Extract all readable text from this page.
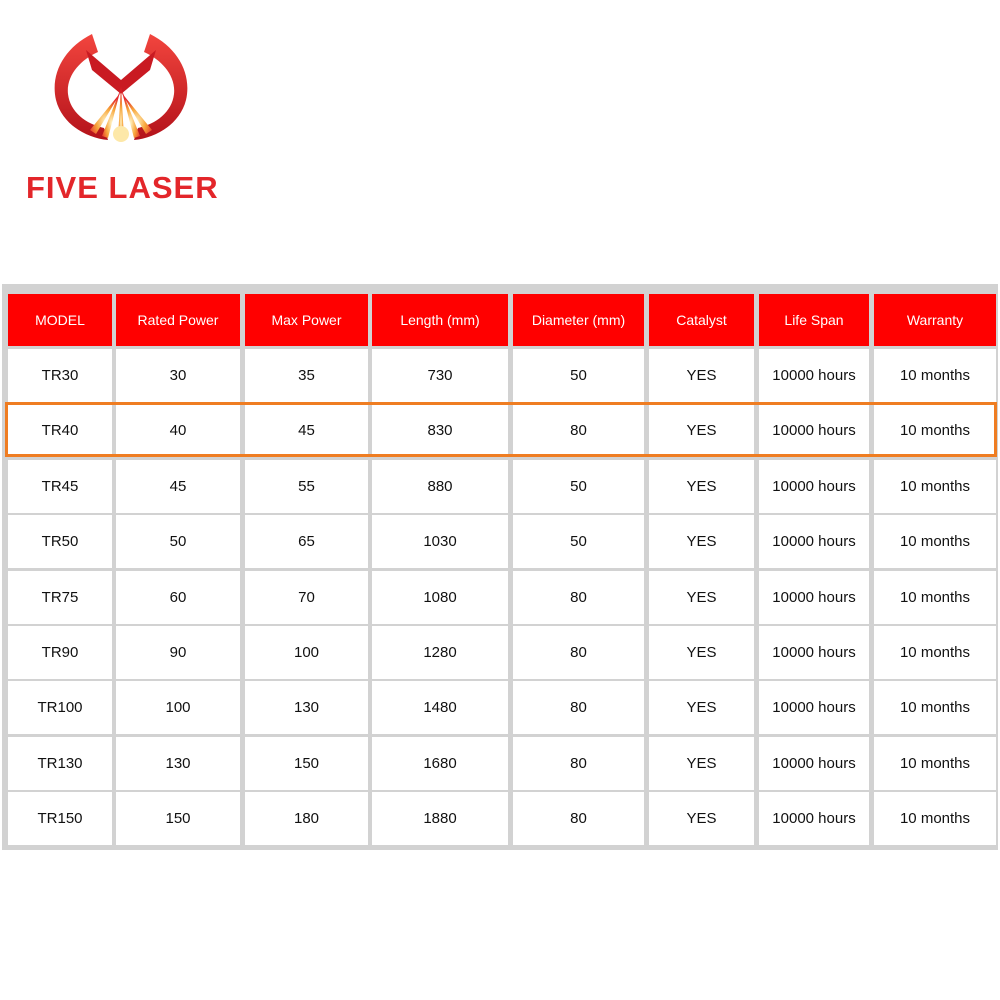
FIVE LASER
MODEL	Rated Power	Max Power	Length (mm)	Diameter (mm)	Catalyst	Life Span	Warranty
TR30	30	35	730	50	YES	10000 hours	10 months
TR40	40	45	830	80	YES	10000 hours	10 months
TR45	45	55	880	50	YES	10000 hours	10 months
TR50	50	65	1030	50	YES	10000 hours	10 months
TR75	60	70	1080	80	YES	10000 hours	10 months
TR90	90	100	1280	80	YES	10000 hours	10 months
TR100	100	130	1480	80	YES	10000 hours	10 months
TR130	130	150	1680	80	YES	10000 hours	10 months
TR150	150	180	1880	80	YES	10000 hours	10 months
